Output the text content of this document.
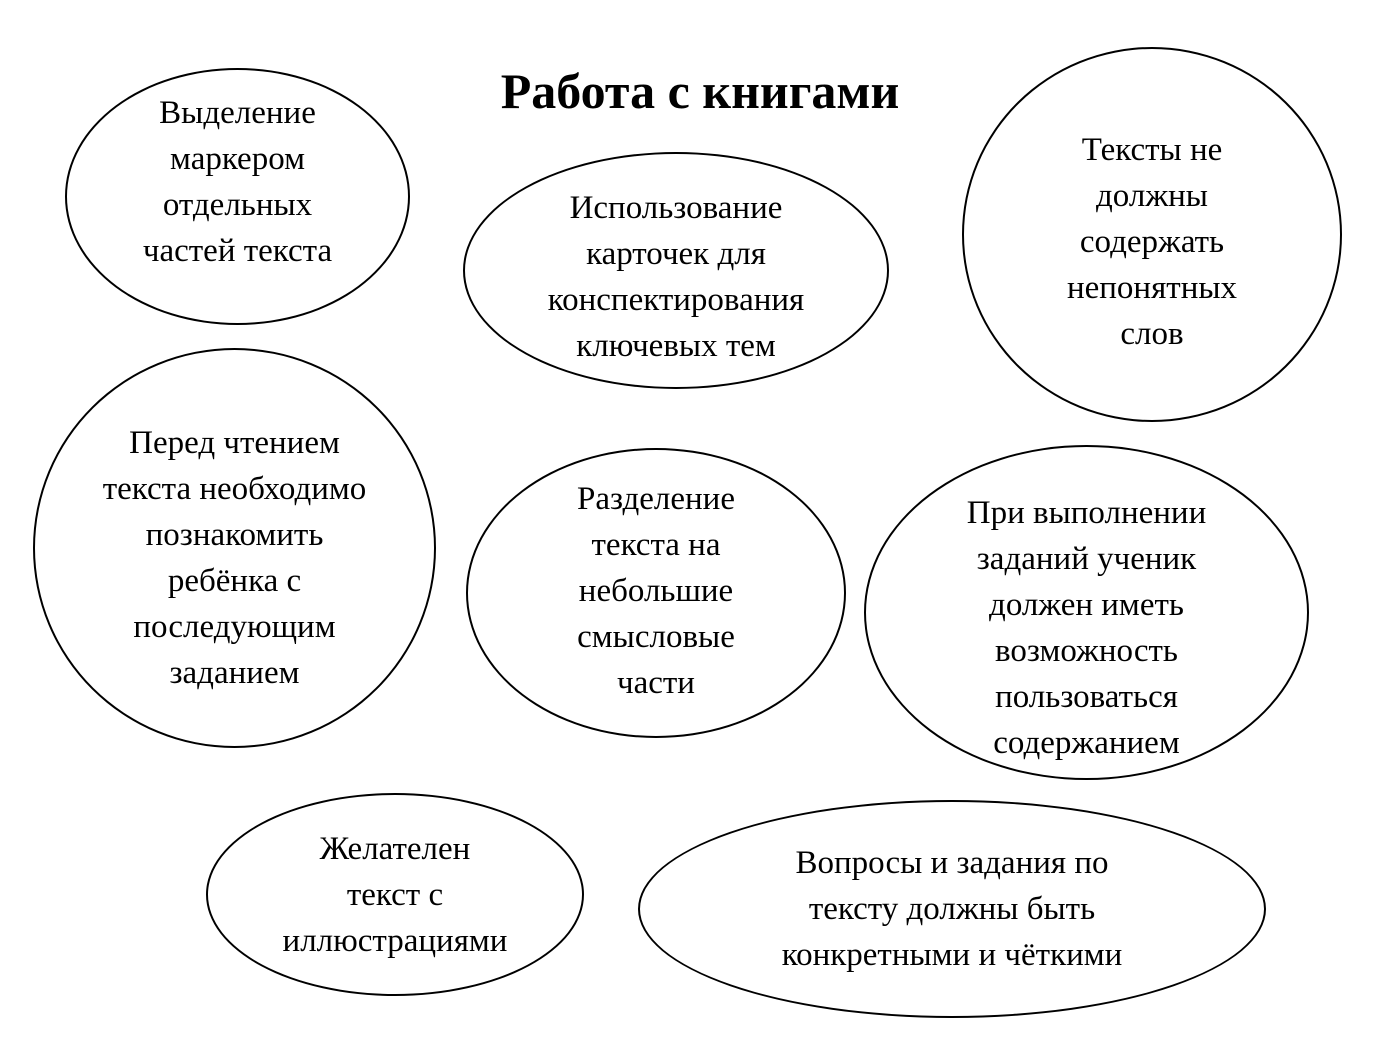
Работа с книгами
Выделение
маркером
отдельных
частей текста
Использование
карточек для
конспектирования
ключевых тем
Тексты не
должны
содержать
непонятных
слов
Перед чтением
текста необходимо
познакомить
ребёнка с
последующим
заданием
Разделение
текста на
небольшие
смысловые
части
При выполнении
заданий ученик
должен иметь
возможность
пользоваться
содержанием
Желателен
текст с
иллюстрациями
Вопросы и задания по
тексту должны быть
конкретными и чёткими
